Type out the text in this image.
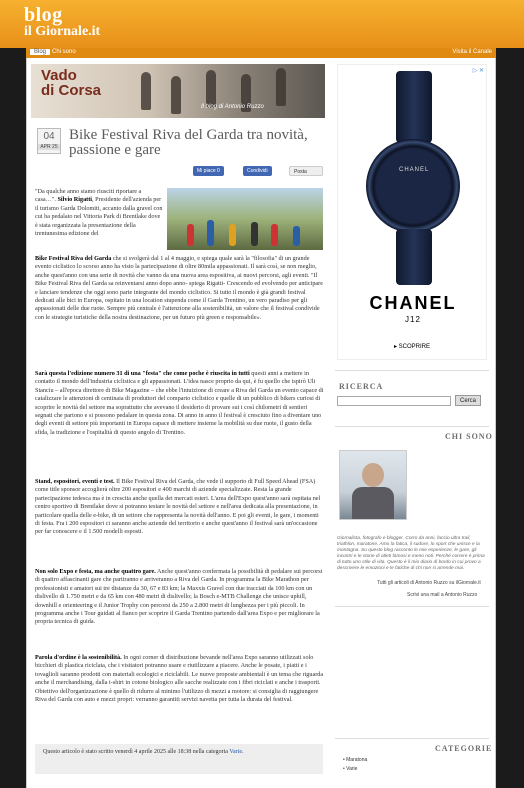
blog
il Giornale.it
Blog Chi sono	Visita il Canale
Vado
di Corsa
Il blog di Antonio Ruzzo
04
APR 25
Bike Festival Riva del Garda tra novità, passione e gare
Mi piace 0	Condividi	Posta
"Da qualche anno siamo riusciti riportare a casa…". Silvio Rigatti, Presidente dell'azienda per il turismo Garda Dolomiti, accanto dalla gravel con cui ha pedalato nel Vittoria Park di Brentlake dove è stata organizzata la presentazione della trentunesima edizione del
Bike Festival Riva del Garda che si svolgerà dal 1 al 4 maggio, e spiega quale sarà la "filosofia" di un grande evento ciclistico lo scorso anno ha visto la partecipazione di oltre 80mila appassionati. Il sarà così, se non meglio, anche quest'anno con una serie di novità che vanno da una nuova area espositiva, ai nuovi percorsi, agli eventi. "Il Bike Festival Riva del Garda sa reinventarsi anno dopo anno- spiega Rigatti- Crescendo ed evolvendo per anticipare e lanciare tendenze che oggi sono parte integrante del mondo ciclistico. Si tutto il mondo è già grandi festival dedicati alle bici in Europa, ospitato in una location stupenda come il Garda Trentino, un vero paradiso per gli appassionati delle due ruote. Sempre più centrale è l'attenzione alla sostenibilità, un valore che il festival condivide con le strategie turistiche della nostra destinazione, per un futuro più green e responsabile».
Sarà questa l'edizione numero 31 di una "festa" che come poche è riuscita in tutti questi anni a mettere in contatto il mondo dell'industria ciclistica e gli appassionati. L'idea nasce proprio da qui, è fu quello che ispirò Uli Stanciu – all'epoca direttore di Bike Magazine – che ebbe l'intuizione di creare a Riva del Garda un evento capace di catalizzare le attenzioni di centinaia di produttori del comparto ciclistico e quelle di un pubblico di bikers curiosi di scoprire le novità del settore ma soprattutto che avevano il desiderio di provare sui i così chilometri di sentieri segnati che partono e si possono pedalare in questa zona. Di anno in anno il festival è cresciuto fino a diventare uno degli eventi di settore più importanti in Europa capace di mettere insieme la mobilità su due ruote, il gusto della sfida, la tradizione e l'ospitalità di questo angolo di Trentino.
Stand, espositori, eventi e test. Il Bike Festival Riva del Garda, che vede il supporto di Full Speed Ahead (FSA) come title sponsor accoglierà oltre 200 espositori e 400 marchi di aziende specializzate. Resta la grande partecipazione tedesca ma è in crescita anche quella dei mercati esteri. L'area dell'Expo quest'anno sarà ospitata nel centro sportivo di Brentlake dove si potranno testare le novità del settore e nell'area dedicata alla presentazione, in particolare quella delle e-bike, di un settore che rappresenta la novità dell'anno. E poi gli eventi, le gare, i momenti di festa. Fra i 200 espositori ci saranno anche aziende del territorio e anche quest'anno il festival sarà un'occasione per far conoscere e il 1.500 modelli esposti.
Non solo Expo e festa, ma anche quattro gare. Anche quest'anno confermata la possibilità di pedalare sui percorsi di quattro affascinanti gare che partiranno e arriveranno a Riva del Garda. In programma la Bike Marathon per professionisti e amatori sui tre distanze da 30, 67 e 83 km; la Maxxis Gravel con due tracciati da 100 km con un dislivello di 1.750 metri e da 65 km con 480 metri di dislivello; la Bosch e-MTB Challenge che unisce uphill, downhill e orienteering e il Junior Trophy con percorsi da 250 a 2.800 metri di lunghezza per i più piccoli. In programma anche i Tour guidati al fianco per scoprire il Garda Trentino partendo dall'area Expo e per migliorare la propria tecnica di guida.
Parola d'ordine è la sostenibilità. In ogni corner di distribuzione bevande nell'area Expo saranno utilizzati solo bicchieri di plastica riciclata, che i visitatori potranno usare e riutilizzare a piacere. Anche le posate, i piatti e i tovaglioli saranno prodotti con materiali ecologici e riciclabili. Le nuove proposte ambientali è un tema che riguarda anche il merchandising, dalla t-shirt in cotone biologico alle sacche realizzate con i fibri riciclati e anche i trasporti. Obiettivo dell'organizzazione è quello di ridurre al minimo l'utilizzo di mezzi a motore: si consiglia di raggiungere Riva del Garda con auto e mezzi propri: verranno garantiti servizi navetta per tutta la durata del festival.
Questo articolo è stato scritto venerdì 4 aprile 2025 alle 18:38 nella categoria Varie.
▷ ✕
CHANEL
CHANEL
J12
▸ SCOPRIRE
RICERCA
Cerca
CHI SONO
Giornalista, fotografo e blogger. Corro da anni, faccio ultra trail, triathlon, maratone. Amo la fatica, il sudore, lo sport che unisce e la montagna. Su questo blog racconto le mie esperienze, le gare, gli incontri e le storie di atleti famosi e meno noti. Perché correre è prima di tutto uno stile di vita. Questo è il mio diario di bordo in cui provo a descrivere le emozioni e le fatiche di chi non si arrende mai.
Tutti gli articoli di Antonio Ruzzo su ilGiornale.it
Scrivi una mail a Antonio Ruzzo
CATEGORIE
• Maratona
• Varie
